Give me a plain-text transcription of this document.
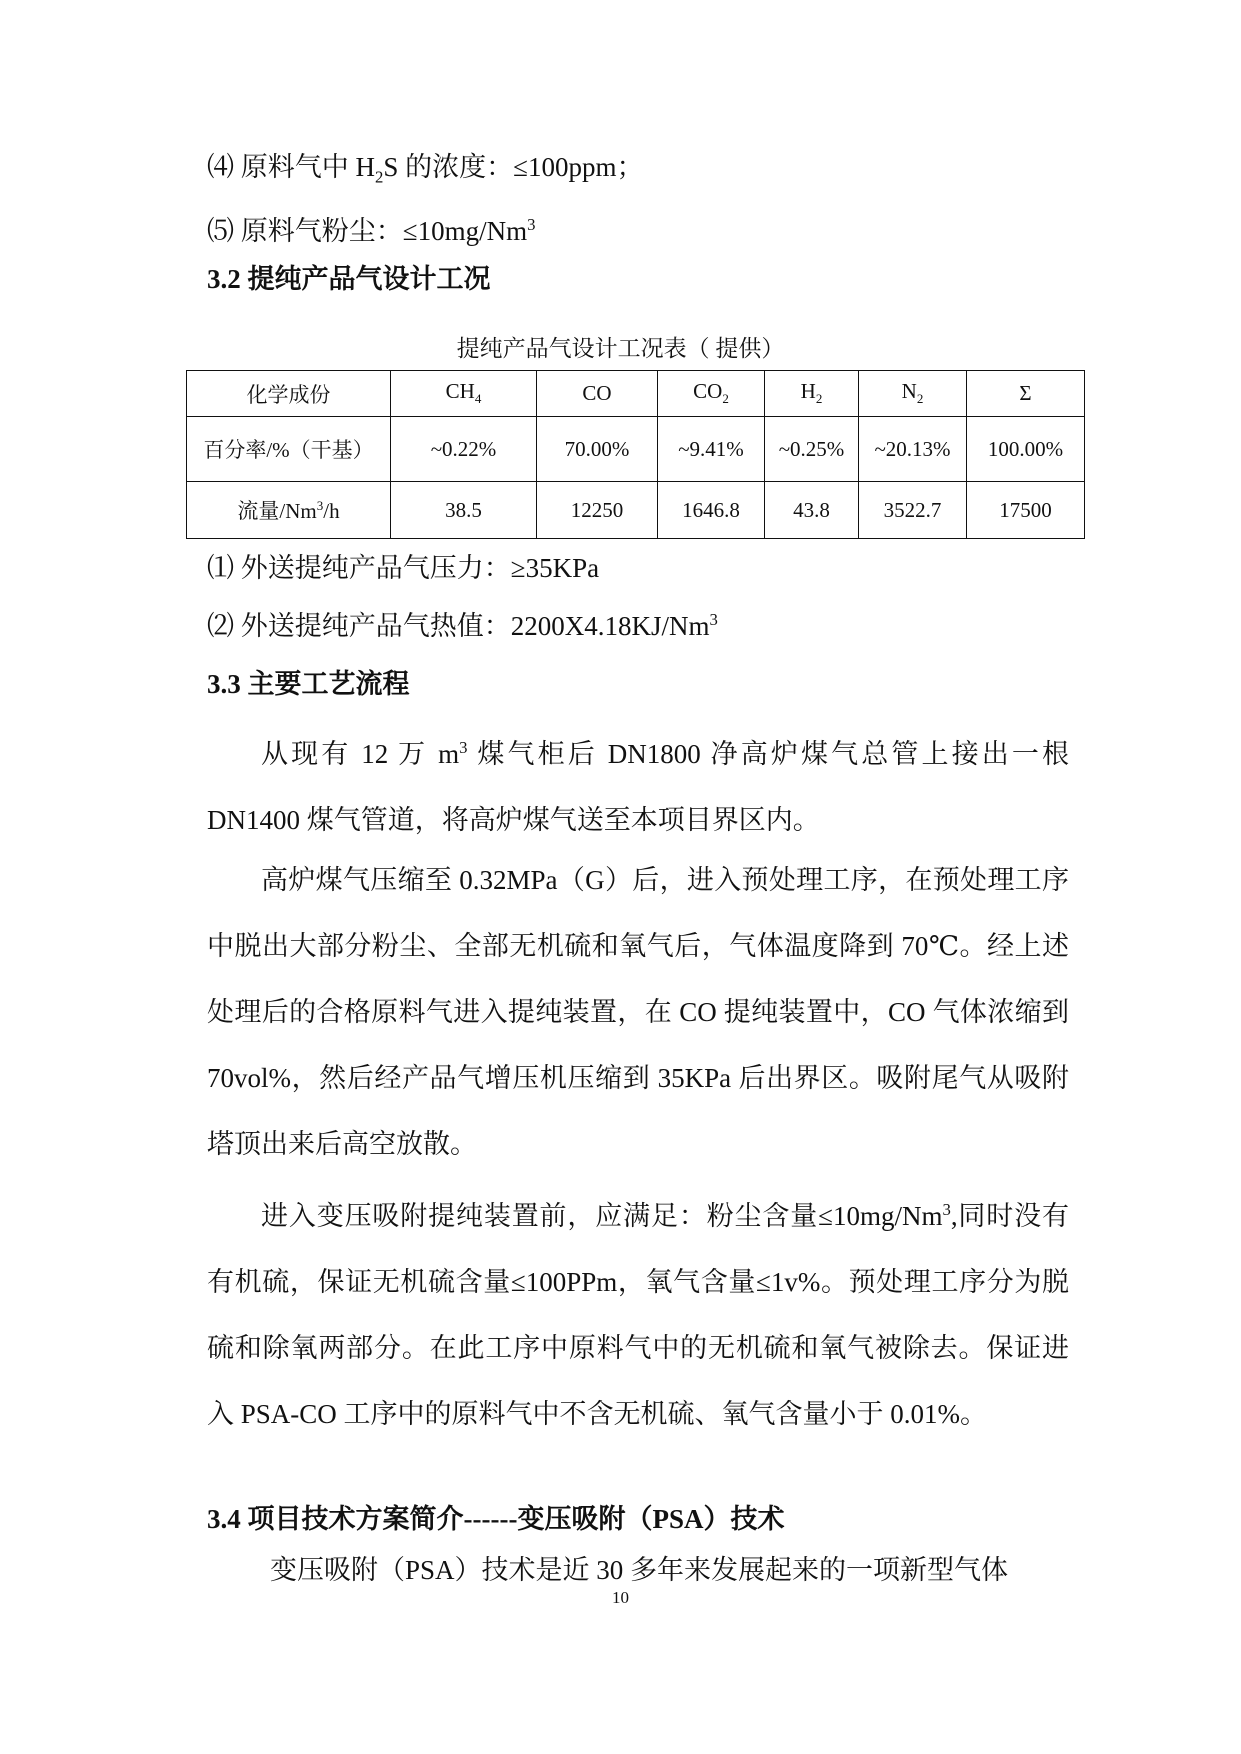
⑷ 原料气中 $H_2S$ 的浓度：≤100ppm；
⑸ 原料气粉尘：$\le 10mg/Nm^3$
3.2 提纯产品气设计工况
提纯产品气设计工况表（ 提供）
化学成份	$CH_4$	CO	$CO_2$	$H_2$	$N_2$	Σ
百分率/%（干基）	~0.22%	70.00%	~9.41%	~0.25%	~20.13%	100.00%
流量/Nm$^3$/h	38.5	12250	1646.8	43.8	3522.7	17500
⑴ 外送提纯产品气压力：≥35KPa
⑵ 外送提纯产品气热值：2200X4.18KJ/Nm$^3$
3.3 主要工艺流程

从现有 12 万 $m^3$ 煤气柜后 DN1800 净高炉煤气总管上接出一根 DN1400 煤气管道，将高炉煤气送至本项目界区内。

高炉煤气压缩至 0.32MPa（G）后，进入预处理工序，在预处理工序中脱出大部分粉尘、全部无机硫和氧气后，气体温度降到 70℃。经上述处理后的合格原料气进入提纯装置，在 CO 提纯装置中，CO 气体浓缩到 70vol%，然后经产品气增压机压缩到 35KPa 后出界区。吸附尾气从吸附塔顶出来后高空放散。

进入变压吸附提纯装置前，应满足：粉尘含量$\le 10mg/Nm^3$,同时没有有机硫，保证无机硫含量≤100PPm，氧气含量≤1v%。预处理工序分为脱硫和除氧两部分。在此工序中原料气中的无机硫和氧气被除去。保证进入 PSA-CO 工序中的原料气中不含无机硫、氧气含量小于 0.01%。

3.4 项目技术方案简介------变压吸附（PSA）技术
变压吸附（PSA）技术是近 30 多年来发展起来的一项新型气体
10
